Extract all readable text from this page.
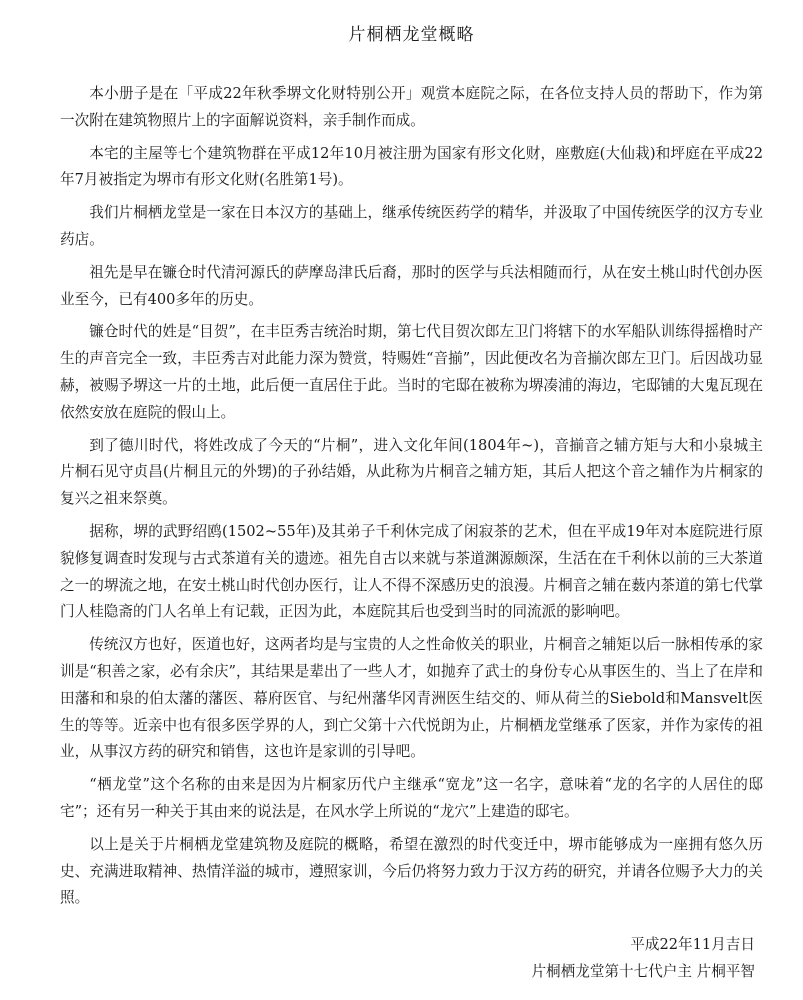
片桐栖龙堂概略

本小册子是在「平成22年秋季堺文化财特别公开」观赏本庭院之际，在各位支持人员的帮助下，作为第一次附在建筑物照片上的字面解说资料，亲手制作而成。

本宅的主屋等七个建筑物群在平成12年10月被注册为国家有形文化财，座敷庭(大仙栽)和坪庭在平成22年7月被指定为堺市有形文化财(名胜第1号)。

我们片桐栖龙堂是一家在日本汉方的基础上，继承传统医药学的精华，并汲取了中国传统医学的汉方专业药店。

祖先是早在镰仓时代清河源氏的萨摩岛津氏后裔，那时的医学与兵法相随而行，从在安土桃山时代创办医业至今，已有400多年的历史。

镰仓时代的姓是“目贺”，在丰臣秀吉统治时期，第七代目贺次郎左卫门将辖下的水军船队训练得摇橹时产生的声音完全一致，丰臣秀吉对此能力深为赞赏，特赐姓“音揃”，因此便改名为音揃次郎左卫门。后因战功显赫，被赐予堺这一片的土地，此后便一直居住于此。当时的宅邸在被称为堺凑浦的海边，宅邸铺的大鬼瓦现在依然安放在庭院的假山上。

到了德川时代，将姓改成了今天的“片桐”，进入文化年间(1804年~)，音揃音之辅方矩与大和小泉城主片桐石见守贞昌(片桐且元的外甥)的子孙结婚，从此称为片桐音之辅方矩，其后人把这个音之辅作为片桐家的复兴之祖来祭奠。

据称，堺的武野绍鸥(1502~55年)及其弟子千利休完成了闲寂茶的艺术，但在平成19年对本庭院进行原貌修复调查时发现与古式茶道有关的遗迹。祖先自古以来就与茶道渊源颇深，生活在在千利休以前的三大茶道之一的堺流之地，在安土桃山时代创办医行，让人不得不深感历史的浪漫。片桐音之辅在薮内茶道的第七代掌门人桂隐斋的门人名单上有记载，正因为此，本庭院其后也受到当时的同流派的影响吧。

传统汉方也好，医道也好，这两者均是与宝贵的人之性命攸关的职业，片桐音之辅矩以后一脉相传承的家训是“积善之家，必有余庆”，其结果是辈出了一些人才，如抛弃了武士的身份专心从事医生的、当上了在岸和田藩和和泉的伯太藩的藩医、幕府医官、与纪州藩华冈青洲医生结交的、师从荷兰的Siebold和Mansvelt医生的等等。近亲中也有很多医学界的人，到亡父第十六代悦朗为止，片桐栖龙堂继承了医家，并作为家传的祖业，从事汉方药的研究和销售，这也许是家训的引导吧。

“栖龙堂”这个名称的由来是因为片桐家历代户主继承“宽龙”这一名字，意味着“龙的名字的人居住的邸宅”；还有另一种关于其由来的说法是，在风水学上所说的“龙穴”上建造的邸宅。

以上是关于片桐栖龙堂建筑物及庭院的概略，希望在激烈的时代变迁中，堺市能够成为一座拥有悠久历史、充满进取精神、热情洋溢的城市，遵照家训，今后仍将努力致力于汉方药的研究，并请各位赐予大力的关照。

平成22年11月吉日
片桐栖龙堂第十七代户主 片桐平智
